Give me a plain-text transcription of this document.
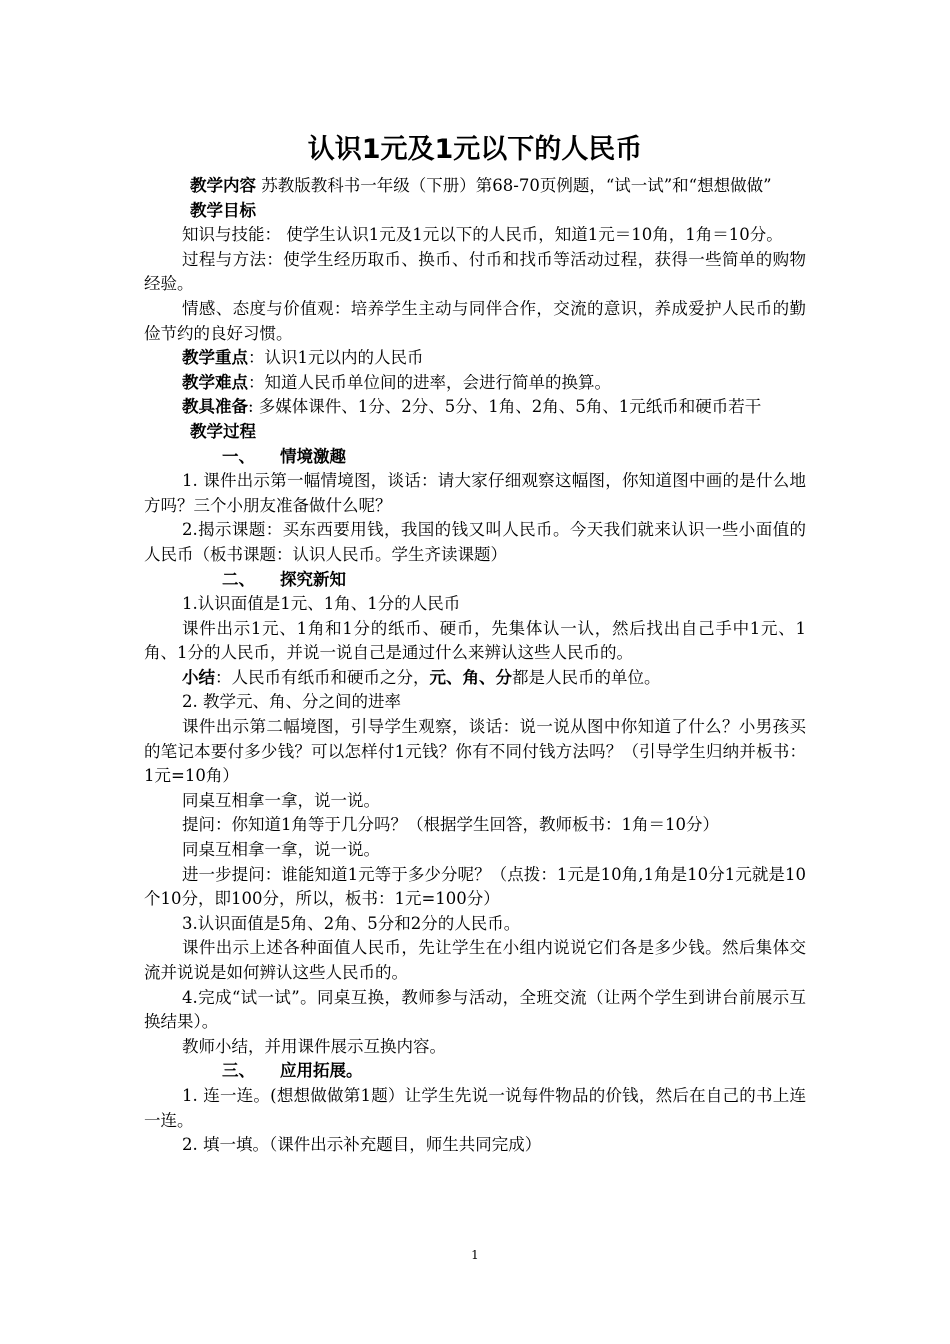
认识1元及1元以下的人民币

教学内容 苏教版教科书一年级（下册）第68-70页例题，“试一试”和“想想做做”

教学目标

知识与技能： 使学生认识1元及1元以下的人民币，知道1元＝10角，1角＝10分。

过程与方法：使学生经历取币、换币、付币和找币等活动过程，获得一些简单的购物经验。

情感、态度与价值观：培养学生主动与同伴合作，交流的意识，养成爱护人民币的勤俭节约的良好习惯。

教学重点：认识1元以内的人民币

教学难点：知道人民币单位间的进率，会进行简单的换算。

教具准备: 多媒体课件、1分、2分、5分、1角、2角、5角、1元纸币和硬币若干

教学过程

一、 情境激趣

1. 课件出示第一幅情境图，谈话：请大家仔细观察这幅图，你知道图中画的是什么地方吗？三个小朋友准备做什么呢？

2.揭示课题：买东西要用钱，我国的钱又叫人民币。今天我们就来认识一些小面值的人民币（板书课题：认识人民币。学生齐读课题）

二、 探究新知

1.认识面值是1元、1角、1分的人民币

课件出示1元、1角和1分的纸币、硬币，先集体认一认，然后找出自己手中1元、1角、1分的人民币，并说一说自己是通过什么来辨认这些人民币的。

小结：人民币有纸币和硬币之分，元、角、分都是人民币的单位。

2. 教学元、角、分之间的进率

课件出示第二幅境图，引导学生观察，谈话：说一说从图中你知道了什么？小男孩买的笔记本要付多少钱？可以怎样付1元钱？你有不同付钱方法吗？（引导学生归纳并板书：1元=10角）

同桌互相拿一拿，说一说。

提问：你知道1角等于几分吗？（根据学生回答，教师板书：1角＝10分）

同桌互相拿一拿，说一说。

进一步提问：谁能知道1元等于多少分呢？（点拨：1元是10角,1角是10分1元就是10个10分，即100分，所以，板书：1元=100分）

3.认识面值是5角、2角、5分和2分的人民币。

课件出示上述各种面值人民币，先让学生在小组内说说它们各是多少钱。然后集体交流并说说是如何辨认这些人民币的。

4.完成“试一试”。同桌互换，教师参与活动，全班交流（让两个学生到讲台前展示互换结果）。

教师小结，并用课件展示互换内容。

三、 应用拓展。

1. 连一连。(想想做做第1题）让学生先说一说每件物品的价钱，然后在自己的书上连一连。

2. 填一填。（课件出示补充题目，师生共同完成）

1
